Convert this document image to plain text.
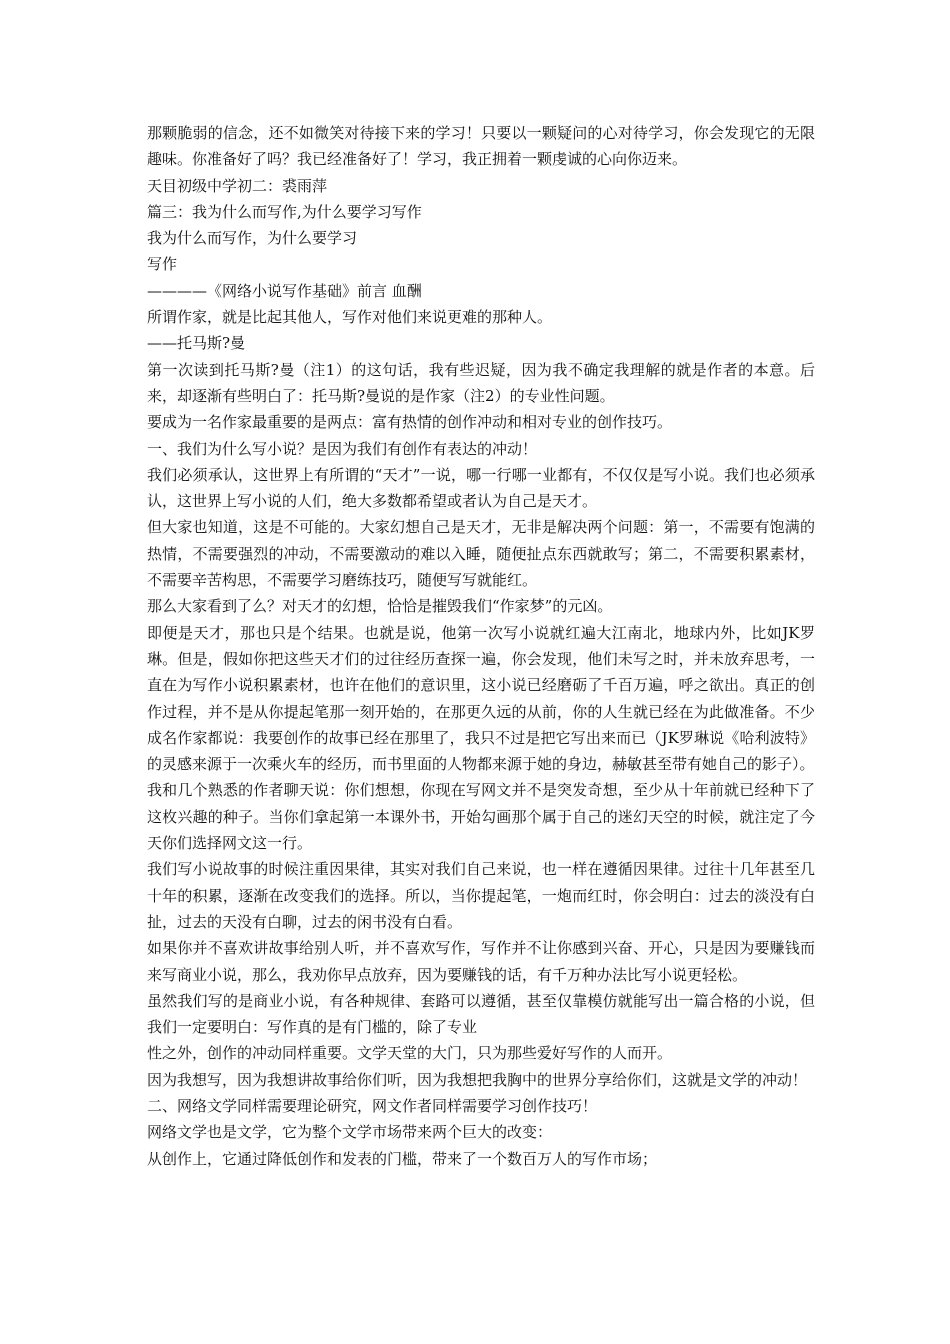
那颗脆弱的信念，还不如微笑对待接下来的学习！只要以一颗疑问的心对待学习，你会发现它的无限趣味。你准备好了吗？我已经准备好了！学习，我正拥着一颗虔诚的心向你迈来。

天目初级中学初二：裘雨萍

篇三：我为什么而写作,为什么要学习写作

我为什么而写作，为什么要学习

写作

————《网络小说写作基础》前言 血酬

所谓作家，就是比起其他人，写作对他们来说更难的那种人。

——托马斯?曼

第一次读到托马斯?曼（注1）的这句话，我有些迟疑，因为我不确定我理解的就是作者的本意。后来，却逐渐有些明白了：托马斯?曼说的是作家（注2）的专业性问题。

要成为一名作家最重要的是两点：富有热情的创作冲动和相对专业的创作技巧。

一、我们为什么写小说？是因为我们有创作有表达的冲动！

我们必须承认，这世界上有所谓的“天才”一说，哪一行哪一业都有，不仅仅是写小说。我们也必须承认，这世界上写小说的人们，绝大多数都希望或者认为自己是天才。

但大家也知道，这是不可能的。大家幻想自己是天才，无非是解决两个问题：第一，不需要有饱满的热情，不需要强烈的冲动，不需要激动的难以入睡，随便扯点东西就敢写；第二，不需要积累素材，不需要辛苦构思，不需要学习磨练技巧，随便写写就能红。

那么大家看到了么？对天才的幻想，恰恰是摧毁我们“作家梦”的元凶。

即便是天才，那也只是个结果。也就是说，他第一次写小说就红遍大江南北，地球内外，比如JK罗琳。但是，假如你把这些天才们的过往经历查探一遍，你会发现，他们未写之时，并未放弃思考，一直在为写作小说积累素材，也许在他们的意识里，这小说已经磨砺了千百万遍，呼之欲出。真正的创作过程，并不是从你提起笔那一刻开始的，在那更久远的从前，你的人生就已经在为此做准备。不少成名作家都说：我要创作的故事已经在那里了，我只不过是把它写出来而已（JK罗琳说《哈利波特》的灵感来源于一次乘火车的经历，而书里面的人物都来源于她的身边，赫敏甚至带有她自己的影子）。

我和几个熟悉的作者聊天说：你们想想，你现在写网文并不是突发奇想，至少从十年前就已经种下了这枚兴趣的种子。当你们拿起第一本课外书，开始勾画那个属于自己的迷幻天空的时候，就注定了今天你们选择网文这一行。

我们写小说故事的时候注重因果律，其实对我们自己来说，也一样在遵循因果律。过往十几年甚至几十年的积累，逐渐在改变我们的选择。所以，当你提起笔，一炮而红时，你会明白：过去的淡没有白扯，过去的天没有白聊，过去的闲书没有白看。

如果你并不喜欢讲故事给别人听，并不喜欢写作，写作并不让你感到兴奋、开心，只是因为要赚钱而来写商业小说，那么，我劝你早点放弃，因为要赚钱的话，有千万种办法比写小说更轻松。

虽然我们写的是商业小说，有各种规律、套路可以遵循，甚至仅靠模仿就能写出一篇合格的小说，但我们一定要明白：写作真的是有门槛的，除了专业

性之外，创作的冲动同样重要。文学天堂的大门，只为那些爱好写作的人而开。

因为我想写，因为我想讲故事给你们听，因为我想把我胸中的世界分享给你们，这就是文学的冲动！

二、网络文学同样需要理论研究，网文作者同样需要学习创作技巧！

网络文学也是文学，它为整个文学市场带来两个巨大的改变：

从创作上，它通过降低创作和发表的门槛，带来了一个数百万人的写作市场；
